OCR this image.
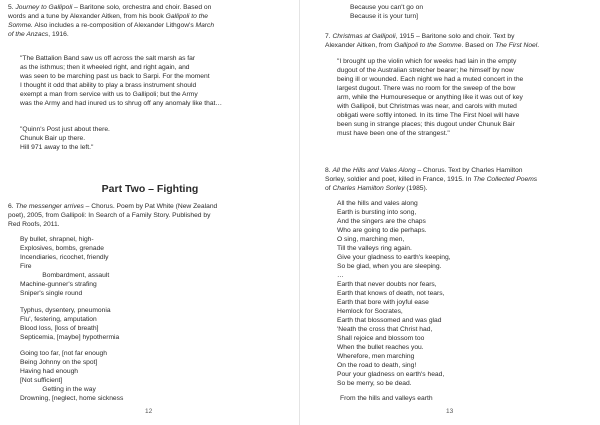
5. Journey to Gallipoli – Baritone solo, orchestra and choir. Based on
words and a tune by Alexander Aitken, from his book Gallipoli to the
Somme. Also includes a re-composition of Alexander Lithgow's March
of the Anzacs, 1916.

"The Battalion Band saw us off across the salt marsh as far
as the isthmus; then it wheeled right, and right again, and
was seen to be marching past us back to Sarpi. For the moment
I thought it odd that ability to play a brass instrument should
exempt a man from service with us to Gallipoli; but the Army
was the Army and had inured us to shrug off any anomaly like that…

"Quinn's Post just about there.
Chunuk Bair up there.
Hill 971 away to the left."

Part Two – Fighting

6. The messenger arrives – Chorus. Poem by Pat White (New Zealand
poet), 2005, from Gallipoli: In Search of a Family Story. Published by
Red Roofs, 2011.

By bullet, shrapnel, high-
Explosives, bombs, grenade
Incendiaries, ricochet, friendly
Fire
Bombardment, assault
Machine-gunner's strafing
Sniper's single round

Typhus, dysentery, pneumonia
Flu', festering, amputation
Blood loss, [loss of breath]
Septicemia, [maybe] hypothermia

Going too far, [not far enough
Being Johnny on the spot]
Having had enough
[Not sufficient]
Getting in the way
Drowning, [neglect, home sickness

12

Because you can't go on
Because it is your turn]

7. Christmas at Gallipoli, 1915 – Baritone solo and choir. Text by
Alexander Aitken, from Gallipoli to the Somme. Based on The First Noel.

"I brought up the violin which for weeks had lain in the empty
dugout of the Australian stretcher bearer; he himself by now
being ill or wounded. Each night we had a muted concert in the
largest dugout. There was no room for the sweep of the bow
arm, while the Humoureseque or anything like it was out of key
with Gallipoli, but Christmas was near, and carols with muted
obligati were softly intoned. In its time The First Noel will have
been sung in strange places; this dugout under Chunuk Bair
must have been one of the strangest."

8. All the Hills and Vales Along – Chorus. Text by Charles Hamilton
Sorley, soldier and poet, killed in France, 1915. In The Collected Poems
of Charles Hamilton Sorley (1985).

All the hills and vales along
Earth is bursting into song,
And the singers are the chaps
Who are going to die perhaps.
O sing, marching men,
Till the valleys ring again.
Give your gladness to earth's keeping,
So be glad, when you are sleeping.
…
Earth that never doubts nor fears,
Earth that knows of death, not tears,
Earth that bore with joyful ease
Hemlock for Socrates,
Earth that blossomed and was glad
'Neath the cross that Christ had,
Shall rejoice and blossom too
When the bullet reaches you.
Wherefore, men marching
On the road to death, sing!
Pour your gladness on earth's head,
So be merry, so be dead.

From the hills and valleys earth

13
